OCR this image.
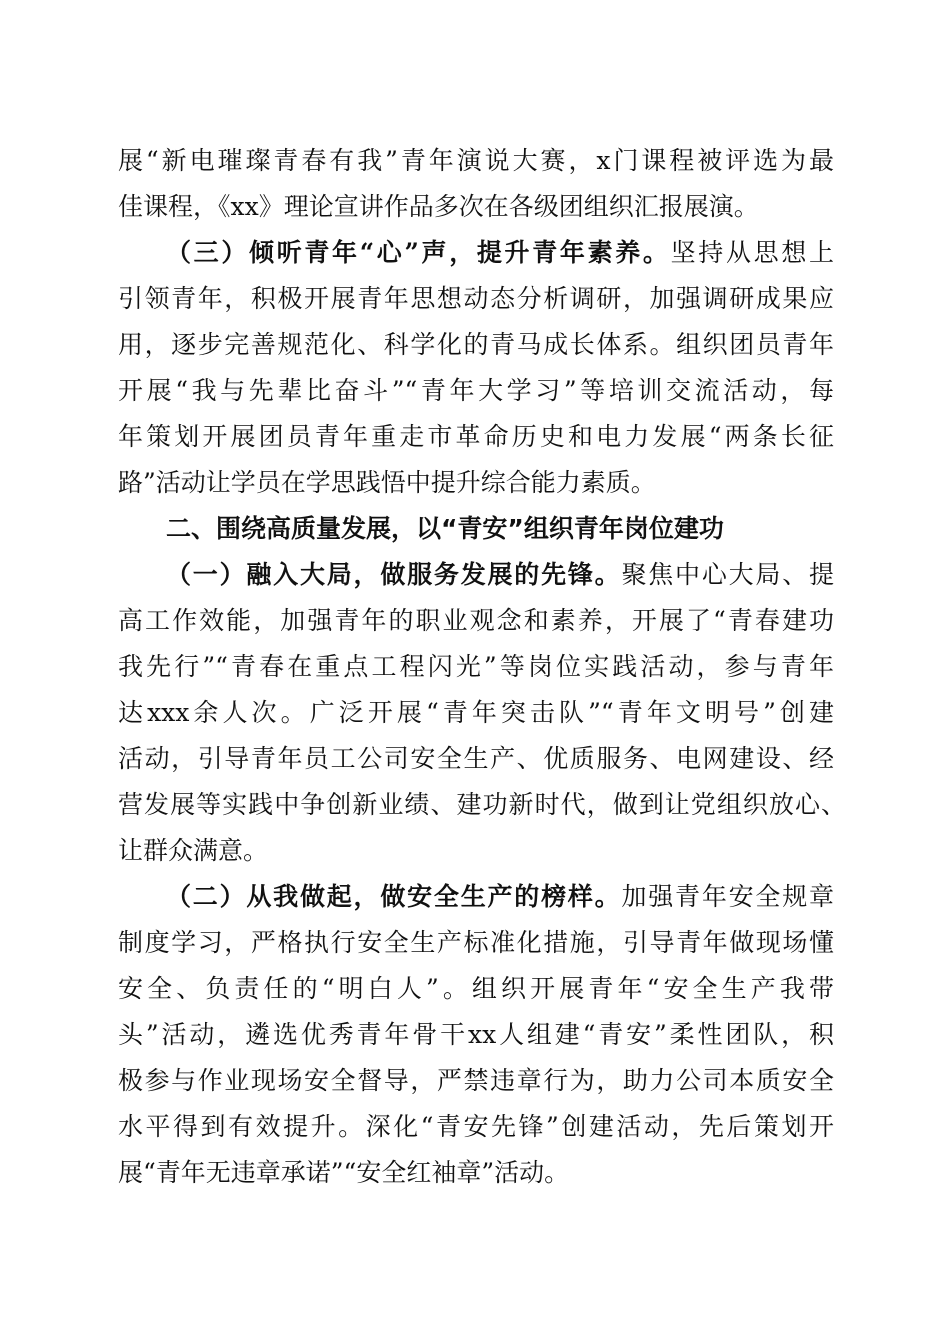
展“新电璀璨青春有我”青年演说大赛，x门课程被评选为最
佳课程，《xx》理论宣讲作品多次在各级团组织汇报展演。
（三）倾听青年“心”声，提升青年素养。坚持从思想上
引领青年，积极开展青年思想动态分析调研，加强调研成果应
用，逐步完善规范化、科学化的青马成长体系。组织团员青年
开展“我与先辈比奋斗”“青年大学习”等培训交流活动，每
年策划开展团员青年重走市革命历史和电力发展“两条长征
路”活动让学员在学思践悟中提升综合能力素质。
二、围绕高质量发展，以“青安”组织青年岗位建功
（一）融入大局，做服务发展的先锋。聚焦中心大局、提
高工作效能，加强青年的职业观念和素养，开展了“青春建功
我先行”“青春在重点工程闪光”等岗位实践活动，参与青年
达xxx余人次。广泛开展“青年突击队”“青年文明号”创建
活动，引导青年员工公司安全生产、优质服务、电网建设、经
营发展等实践中争创新业绩、建功新时代，做到让党组织放心、
让群众满意。
（二）从我做起，做安全生产的榜样。加强青年安全规章
制度学习，严格执行安全生产标准化措施，引导青年做现场懂
安全、负责任的“明白人”。组织开展青年“安全生产我带
头”活动，遴选优秀青年骨干xx人组建“青安”柔性团队，积
极参与作业现场安全督导，严禁违章行为，助力公司本质安全
水平得到有效提升。深化“青安先锋”创建活动，先后策划开
展“青年无违章承诺”“安全红袖章”活动。
